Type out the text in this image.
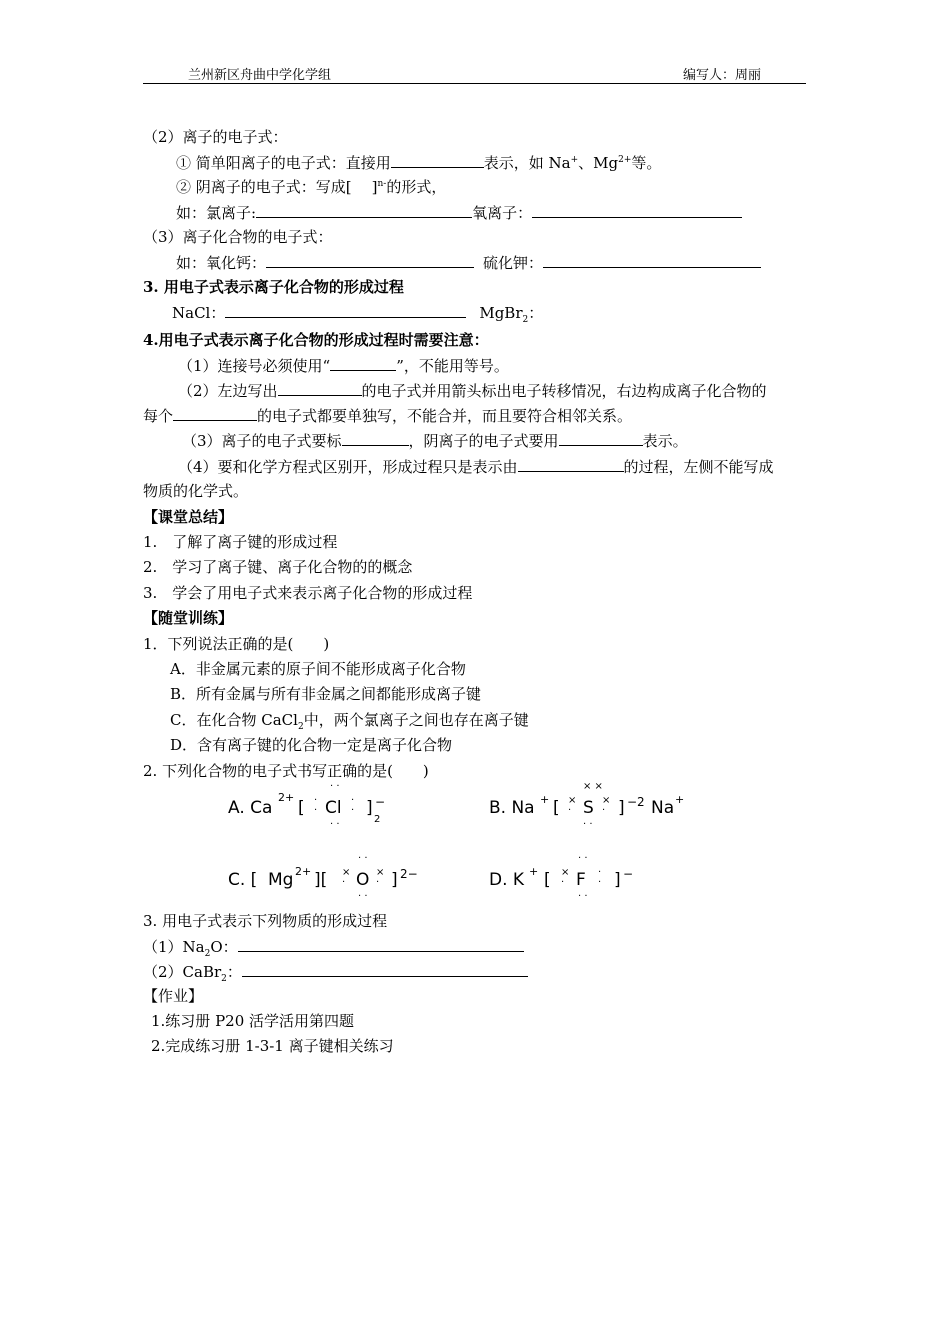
兰州新区舟曲中学化学组	编写人：周丽
（2）离子的电子式：
① 简单阳离子的电子式：直接用	表示，如 Na+、$Mg^{2+}$等。
② 阴离子的电子式：写成[ ]$^{n-}$的形式，
如：氯离子:	氧离子：
（3）离子化合物的电子式：
如：氧化钙：	硫化钾：
3. 用电子式表示离子化合物的形成过程
NaCl：	MgBr$_2$：
4.用电子式表示离子化合物的形成过程时需要注意：
（1）连接号必须使用“	”，不能用等号。
（2）左边写出	的电子式并用箭头标出电子转移情况，右边构成离子化合物的
每个	的电子式都要单独写，不能合并，而且要符合相邻关系。
（3）离子的电子式要标	，阴离子的电子式要用	表示。
（4）要和化学方程式区别开，形成过程只是表示由	的过程，左侧不能写成
物质的化学式。
【课堂总结】
1.　了解了离子键的形成过程
2.　学习了离子键、离子化合物的的概念
3.　学会了用电子式来表示离子化合物的形成过程
【随堂训练】
1．下列说法正确的是(　　)
A．非金属元素的原子间不能形成离子化合物
B．所有金属与所有非金属之间都能形成离子键
C．在化合物 CaCl$_2$中，两个氯离子之间也存在离子键
D．含有离子键的化合物一定是离子化合物
2. 下列化合物的电子式书写正确的是(　　)
A. Ca
2+
[ Cl ] −
2
· ·
· ·
·
·
·
·	B. Na + [ S ] −2 Na +
× ×
· ·
×
·
×
·
C. [ Mg 2+ ][ O ] 2−
· ·
· ·
×
·
×
·	D. K + [ F ] −
· ·
· ·
×
·
·
·
3. 用电子式表示下列物质的形成过程
$(1)Na_2O$：
（2）CaBr$_2$：
【作业】
1.练习册 P20 活学活用第四题
2.完成练习册 1-3-1 离子键相关练习
